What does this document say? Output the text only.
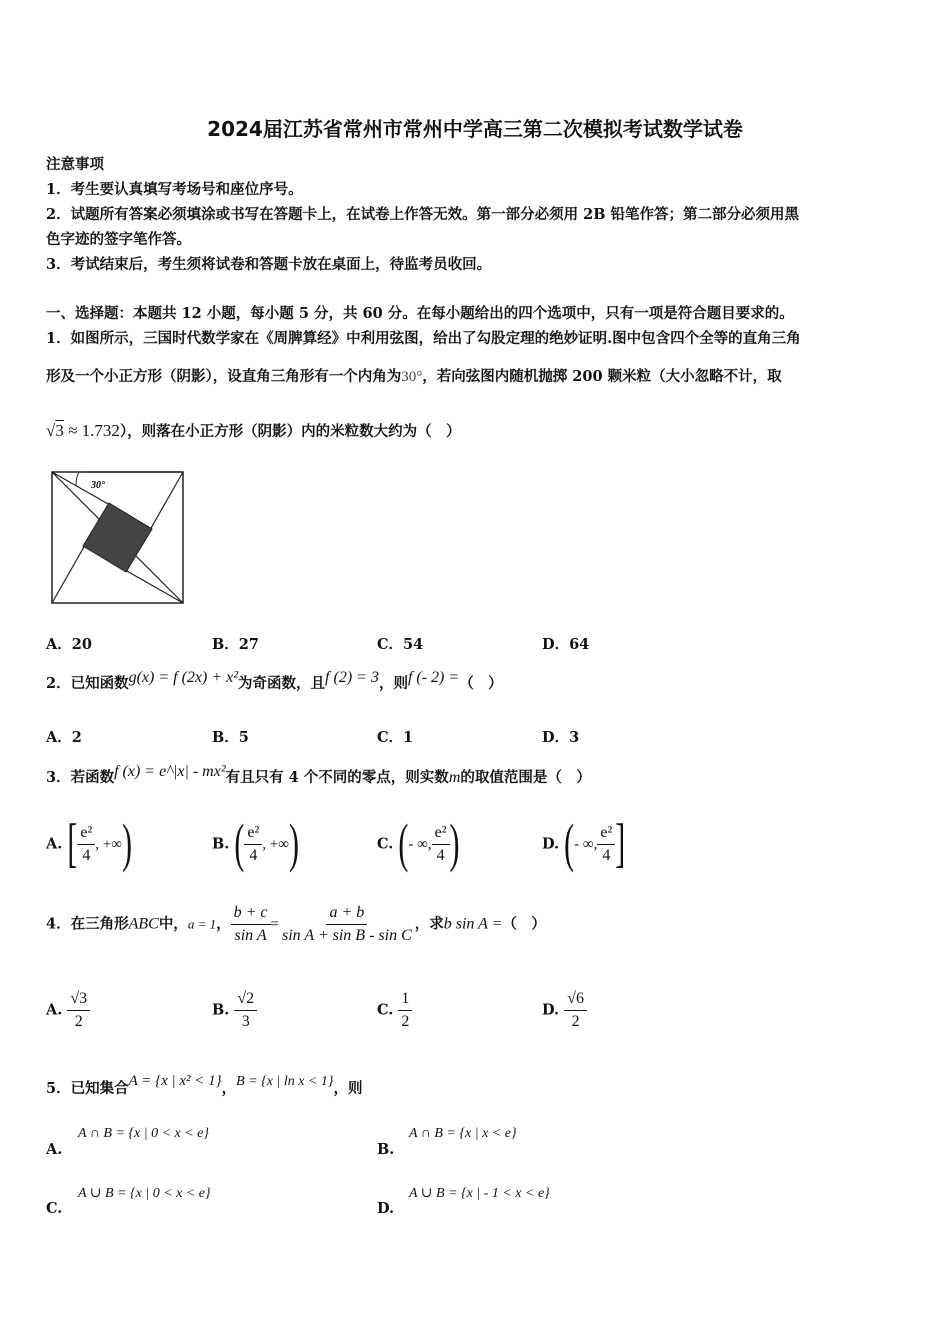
2024届江苏省常州市常州中学高三第二次模拟考试数学试卷
注意事项
1．考生要认真填写考场号和座位序号。
2．试题所有答案必须填涂或书写在答题卡上，在试卷上作答无效。第一部分必须用 2B 铅笔作答；第二部分必须用黑
色字迹的签字笔作答。
3．考试结束后，考生须将试卷和答题卡放在桌面上，待监考员收回。
一、选择题：本题共 12 小题，每小题 5 分，共 60 分。在每小题给出的四个选项中，只有一项是符合题目要求的。
1．如图所示，三国时代数学家在《周脾算经》中利用弦图，给出了勾股定理的绝妙证明.图中包含四个全等的直角三角
形及一个小正方形（阴影），设直角三角形有一个内角为30°，若向弦图内随机抛掷 200 颗米粒（大小忽略不计，取
√3 ≈ 1.732），则落在小正方形（阴影）内的米粒数大约为（　）
30°
A．20	B．27	C．54	D．64
2．已知函数g(x) = f (2x) + x²为奇函数，且f (2) = 3，则f (- 2) =（　）
A．2	B．5	C．1	D．3
3．若函数f (x) = e^|x| - mx²有且只有 4 个不同的零点，则实数m的取值范围是（　）
A. [ $\frac{\text{e²}}{4}$ , +∞)	B. ( $\frac{\text{e²}}{4}$ , +∞)	C. (- ∞, $\frac{\text{e²}}{4}$ )	D. (- ∞, $\frac{\text{e²}}{4}$ ]
4．在三角形ABC中，a = 1， $\frac{b + c}{\text{sin A}} = \frac{a + b}{\text{sin A + sin B - sin C}}$ ，求b sin A =（　）
A. $\frac{√3}{2}$	B. $\frac{√2}{3}$	C. $\frac{1}{2}$	D. $\frac{√6}{2}$
5．已知集合A = {x | x² < 1}，B = {x | ln x < 1}，则
A.
A ∩ B = {x | 0 < x < e}
B.
A ∩ B = {x | x < e}
C.
A ∪ B = {x | 0 < x < e}
D.
A ∪ B = {x | - 1 < x < e}
